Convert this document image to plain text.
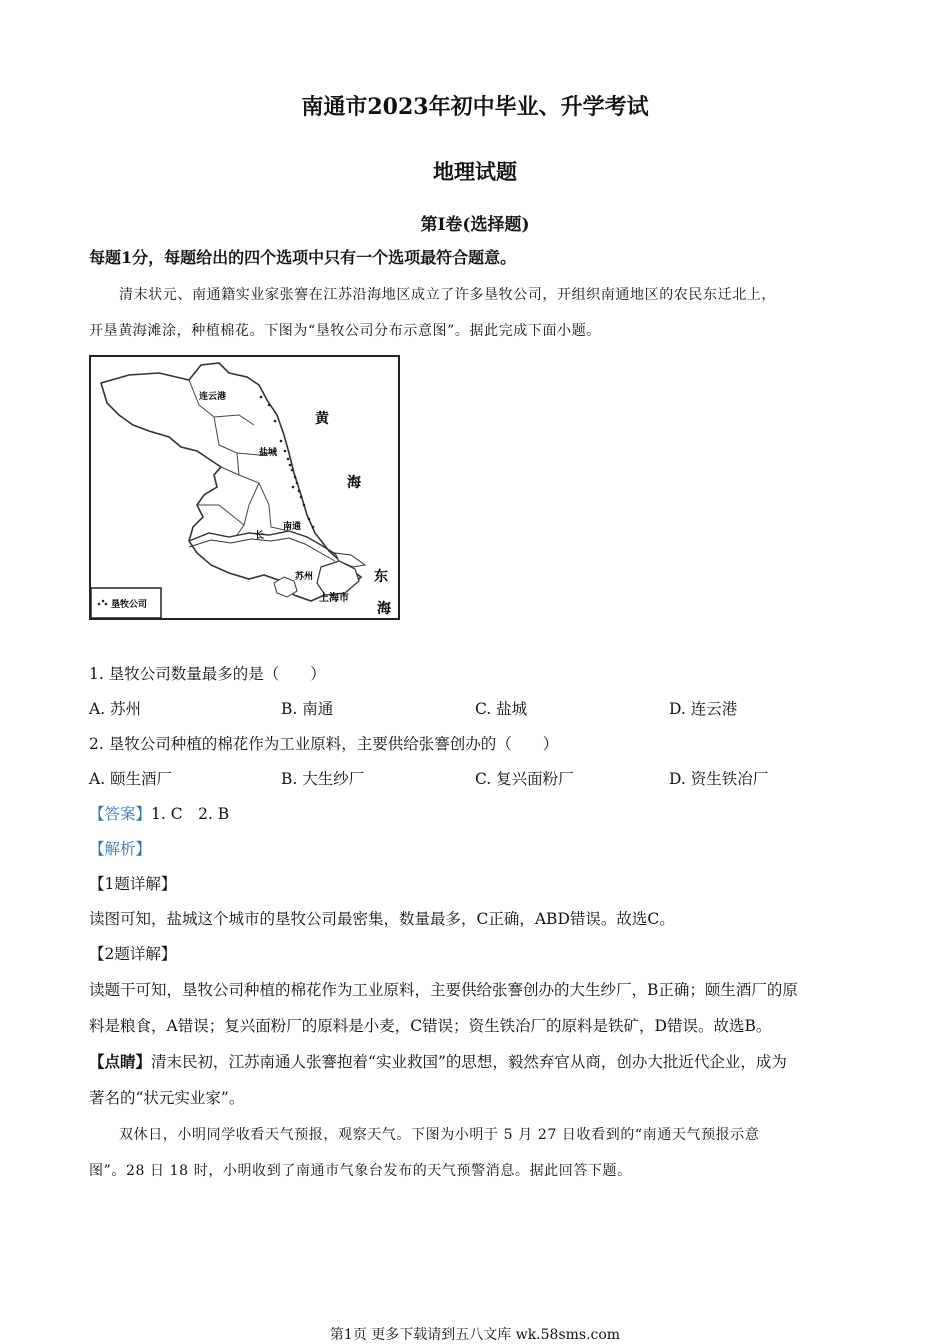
南通市2023年初中毕业、升学考试
地理试题
第Ⅰ卷(选择题)
每题1分，每题给出的四个选项中只有一个选项最符合题意。
清末状元、南通籍实业家张謇在江苏沿海地区成立了许多垦牧公司，开组织南通地区的农民东迁北上，
开垦黄海滩涂，种植棉花。下图为“垦牧公司分布示意图”。据此完成下面小题。
连云港
盐城
南通
长
苏州
上海市
黄
海
东
海
垦牧公司
1. 垦牧公司数量最多的是（　　）
A. 苏州	B. 南通	C. 盐城	D. 连云港
2. 垦牧公司种植的棉花作为工业原料，主要供给张謇创办的（　　）
A. 颐生酒厂	B. 大生纱厂	C. 复兴面粉厂	D. 资生铁冶厂
【答案】1. C　2. B
【解析】
【1题详解】
读图可知，盐城这个城市的垦牧公司最密集，数量最多，C正确，ABD错误。故选C。
【2题详解】
读题干可知，垦牧公司种植的棉花作为工业原料，主要供给张謇创办的大生纱厂，B正确；颐生酒厂的原
料是粮食，A错误；复兴面粉厂的原料是小麦，C错误；资生铁冶厂的原料是铁矿，D错误。故选B。
【点睛】清末民初，江苏南通人张謇抱着“实业救国”的思想，毅然弃官从商，创办大批近代企业，成为
著名的“状元实业家”。
双休日，小明同学收看天气预报，观察天气。下图为小明于 5 月 27 日收看到的“南通天气预报示意
图”。28 日 18 时，小明收到了南通市气象台发布的天气预警消息。据此回答下题。
第1页 更多下载请到五八文库 wk.58sms.com
